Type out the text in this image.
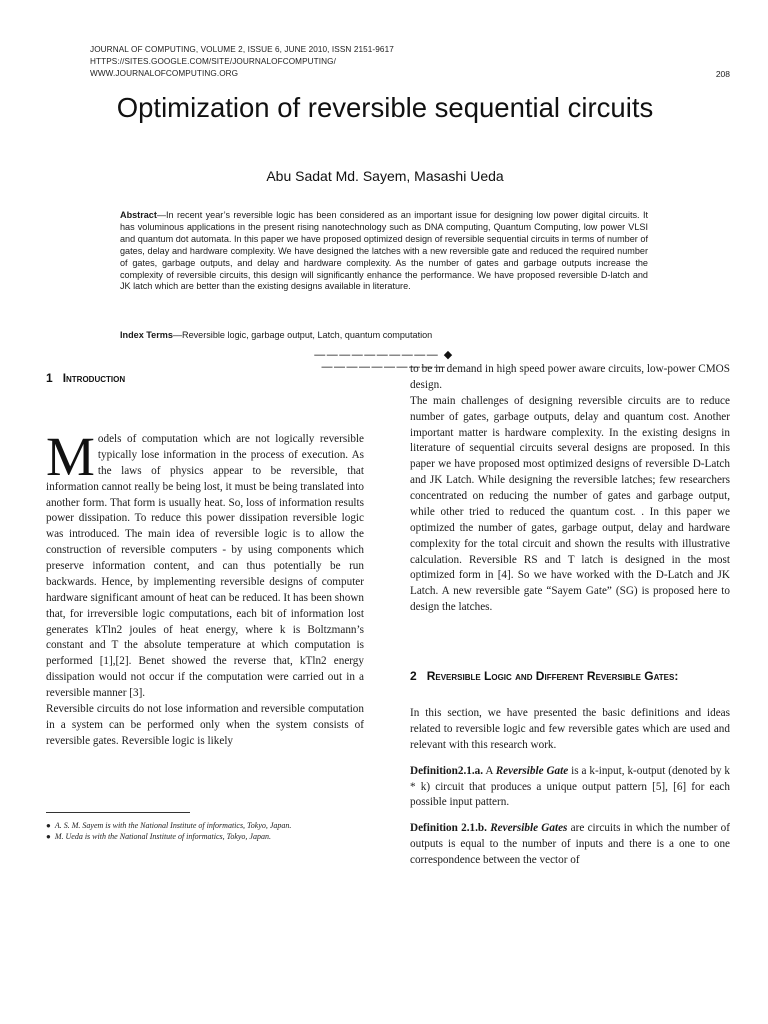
JOURNAL OF COMPUTING, VOLUME 2, ISSUE 6, JUNE 2010, ISSN 2151-9617
HTTPS://SITES.GOOGLE.COM/SITE/JOURNALOFCOMPUTING/
WWW.JOURNALOFCOMPUTING.ORG	208
Optimization of reversible sequential circuits
Abu Sadat Md. Sayem, Masashi Ueda
Abstract—In recent year’s reversible logic has been considered as an important issue for designing low power digital circuits. It has voluminous applications in the present rising nanotechnology such as DNA computing, Quantum Computing, low power VLSI and quantum dot automata. In this paper we have proposed optimized design of reversible sequential circuits in terms of number of gates, delay and hardware complexity. We have designed the latches with a new reversible gate and reduced the required number of gates, garbage outputs, and delay and hardware complexity. As the number of gates and garbage outputs increase the complexity of reversible circuits, this design will significantly enhance the performance. We have proposed reversible D-latch and JK latch which are better than the existing designs available in literature.
Index Terms—Reversible logic, garbage output, Latch, quantum computation
—————————— ◆ ——————————
1 Introduction

Models of computation which are not logically reversible typically lose information in the process of execution. As the laws of physics appear to be reversible, that information cannot really be being lost, it must be being translated into another form. That form is usually heat. So, loss of information results power dissipation. To reduce this power dissipation reversible logic was introduced. The main idea of reversible logic is to allow the construction of reversible computers - by using components which preserve information content, and can thus potentially be run backwards. Hence, by implementing reversible designs of computer hardware significant amount of heat can be reduced. It has been shown that, for irreversible logic computations, each bit of information lost generates kTln2 joules of heat energy, where k is Boltzmann’s constant and T the absolute temperature at which computation is performed [1],[2]. Benet showed the reverse that, kTln2 energy dissipation would not occur if the computation were carried out in a reversible manner [3].

Reversible circuits do not lose information and reversible computation in a system can be performed only when the system consists of reversible gates. Reversible logic is likely

●  A. S. M. Sayem is with the National Institute of informatics, Tokyo, Japan.
●  M. Ueda is with the National Institute of informatics, Tokyo, Japan.

to be in demand in high speed power aware circuits, low-power CMOS design.

The main challenges of designing reversible circuits are to reduce number of gates, garbage outputs, delay and quantum cost. Another important matter is hardware complexity. In the existing designs in literature of sequential circuits several designs are proposed. In this paper we have proposed most optimized designs of reversible D-Latch and JK Latch. While designing the reversible latches; few researchers concentrated on reducing the number of gates and garbage output, while other tried to reduced the quantum cost. . In this paper we optimized the number of gates, garbage output, delay and hardware complexity for the total circuit and shown the results with illustrative calculation. Reversible RS and T latch is designed in the most optimized form in [4]. So we have worked with the D-Latch and JK Latch. A new reversible gate “Sayem Gate” (SG) is proposed here to design the latches.

2 Reversible Logic and Different Reversible Gates:

In this section, we have presented the basic definitions and ideas related to reversible logic and few reversible gates which are used and relevant with this research work.

Definition2.1.a. A Reversible Gate is a k-input, k-output (denoted by k * k) circuit that produces a unique output pattern [5], [6] for each possible input pattern.

Definition 2.1.b. Reversible Gates are circuits in which the number of outputs is equal to the number of inputs and there is a one to one correspondence between the vector of
